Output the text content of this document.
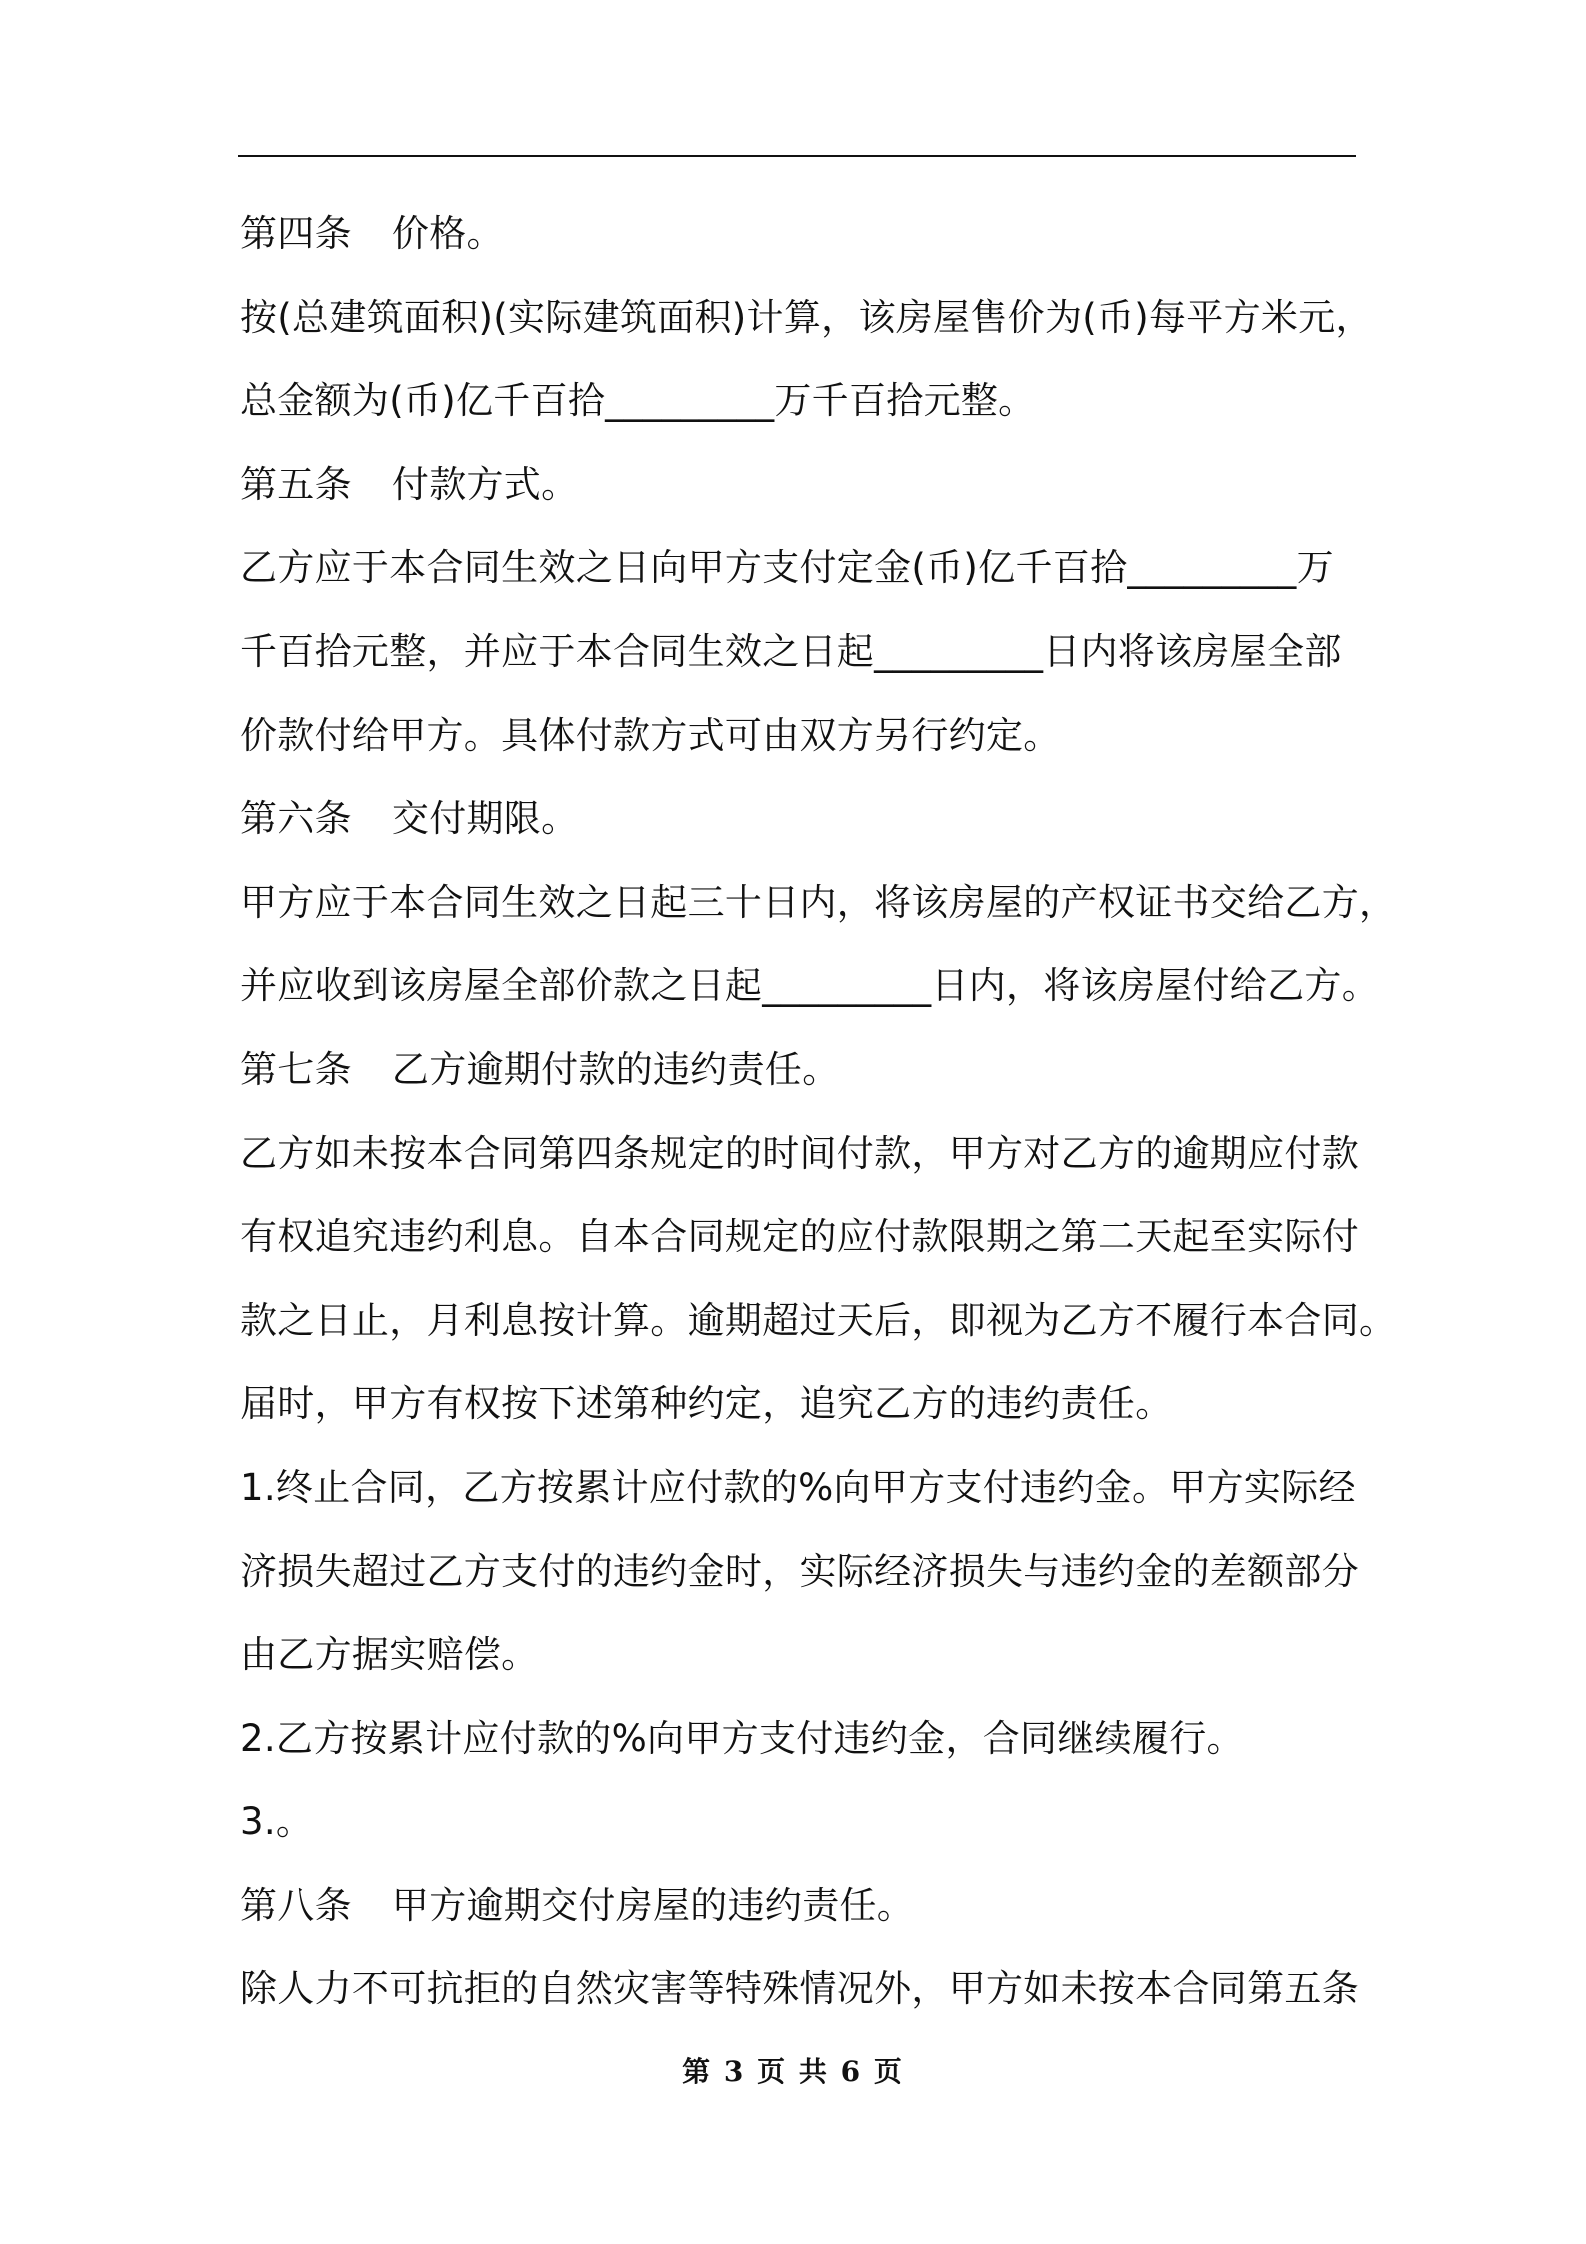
第四条 价格。
按(总建筑面积)(实际建筑面积)计算，该房屋售价为(币)每平方米元，
总金额为(币)亿千百拾_________万千百拾元整。
第五条 付款方式。
乙方应于本合同生效之日向甲方支付定金(币)亿千百拾_________万
千百拾元整，并应于本合同生效之日起_________日内将该房屋全部
价款付给甲方。具体付款方式可由双方另行约定。
第六条 交付期限。
甲方应于本合同生效之日起三十日内，将该房屋的产权证书交给乙方，
并应收到该房屋全部价款之日起_________日内，将该房屋付给乙方。
第七条 乙方逾期付款的违约责任。
乙方如未按本合同第四条规定的时间付款，甲方对乙方的逾期应付款
有权追究违约利息。自本合同规定的应付款限期之第二天起至实际付
款之日止，月利息按计算。逾期超过天后，即视为乙方不履行本合同。
届时，甲方有权按下述第种约定，追究乙方的违约责任。
1.终止合同，乙方按累计应付款的%向甲方支付违约金。甲方实际经
济损失超过乙方支付的违约金时，实际经济损失与违约金的差额部分
由乙方据实赔偿。
2.乙方按累计应付款的%向甲方支付违约金，合同继续履行。
3.。
第八条 甲方逾期交付房屋的违约责任。
除人力不可抗拒的自然灾害等特殊情况外，甲方如未按本合同第五条
第 3 页 共 6 页
